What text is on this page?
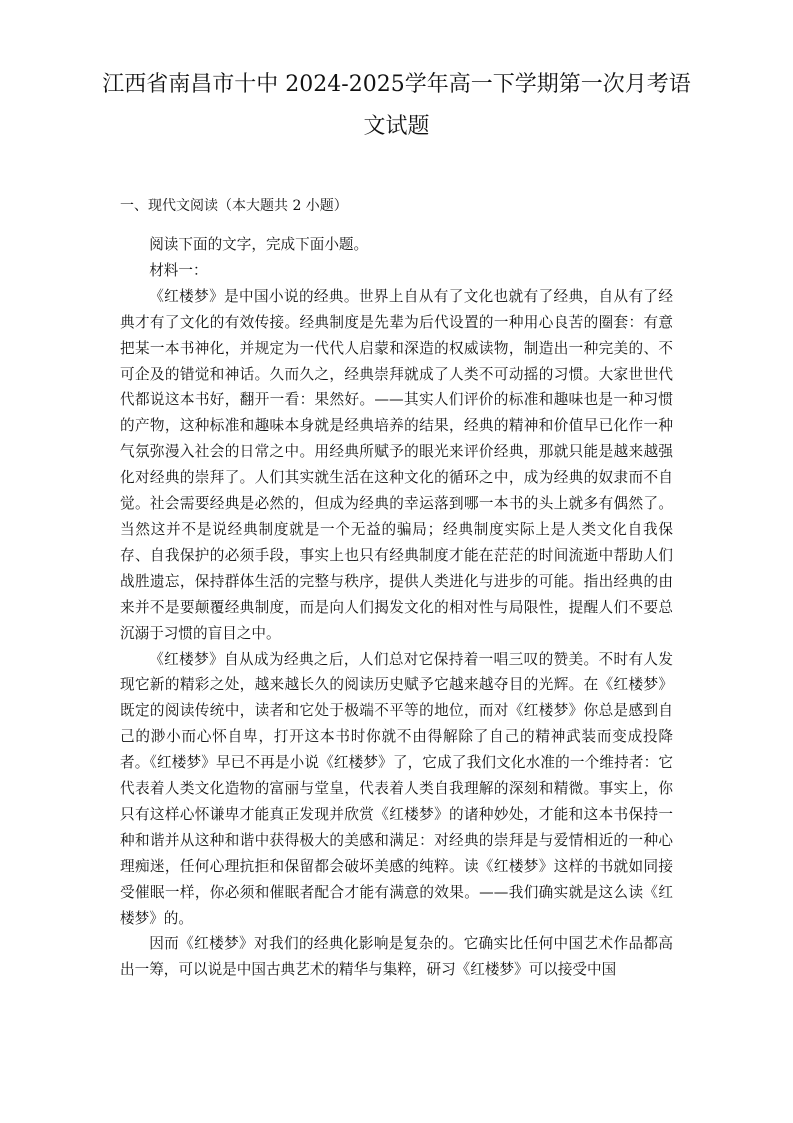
江西省南昌市十中 2024-2025学年高一下学期第一次月考语文试题
一、现代文阅读（本大题共 2 小题）

阅读下面的文字，完成下面小题。

材料一：

《红楼梦》是中国小说的经典。世界上自从有了文化也就有了经典，自从有了经典才有了文化的有效传接。经典制度是先辈为后代设置的一种用心良苦的圈套：有意把某一本书神化，并规定为一代代人启蒙和深造的权威读物，制造出一种完美的、不可企及的错觉和神话。久而久之，经典崇拜就成了人类不可动摇的习惯。大家世世代代都说这本书好，翻开一看：果然好。——其实人们评价的标准和趣味也是一种习惯的产物，这种标准和趣味本身就是经典培养的结果，经典的精神和价值早已化作一种气氛弥漫入社会的日常之中。用经典所赋予的眼光来评价经典，那就只能是越来越强化对经典的崇拜了。人们其实就生活在这种文化的循环之中，成为经典的奴隶而不自觉。社会需要经典是必然的，但成为经典的幸运落到哪一本书的头上就多有偶然了。当然这并不是说经典制度就是一个无益的骗局；经典制度实际上是人类文化自我保存、自我保护的必须手段，事实上也只有经典制度才能在茫茫的时间流逝中帮助人们战胜遗忘，保持群体生活的完整与秩序，提供人类进化与进步的可能。指出经典的由来并不是要颠覆经典制度，而是向人们揭发文化的相对性与局限性，提醒人们不要总沉溺于习惯的盲目之中。

《红楼梦》自从成为经典之后，人们总对它保持着一唱三叹的赞美。不时有人发现它新的精彩之处，越来越长久的阅读历史赋予它越来越夺目的光辉。在《红楼梦》既定的阅读传统中，读者和它处于极端不平等的地位，而对《红楼梦》你总是感到自己的渺小而心怀自卑，打开这本书时你就不由得解除了自己的精神武装而变成投降者。《红楼梦》早已不再是小说《红楼梦》了，它成了我们文化水准的一个维持者：它代表着人类文化造物的富丽与堂皇，代表着人类自我理解的深刻和精微。事实上，你只有这样心怀谦卑才能真正发现并欣赏《红楼梦》的诸种妙处，才能和这本书保持一种和谐并从这种和谐中获得极大的美感和满足：对经典的崇拜是与爱情相近的一种心理痴迷，任何心理抗拒和保留都会破坏美感的纯粹。读《红楼梦》这样的书就如同接受催眠一样，你必须和催眠者配合才能有满意的效果。——我们确实就是这么读《红楼梦》的。

因而《红楼梦》对我们的经典化影响是复杂的。它确实比任何中国艺术作品都高出一筹，可以说是中国古典艺术的精华与集粹，研习《红楼梦》可以接受中国
